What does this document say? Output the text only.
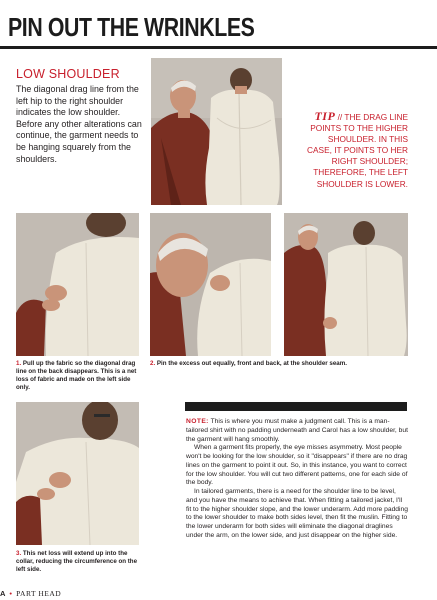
PIN OUT THE WRINKLES
LOW SHOULDER
The diagonal drag line from the left hip to the right shoulder indicates the low shoulder. Before any other alterations can continue, the garment needs to be hanging squarely from the shoulders.
TIP // THE DRAG LINE POINTS TO THE HIGHER SHOULDER. IN THIS CASE, IT POINTS TO HER RIGHT SHOULDER; THEREFORE, THE LEFT SHOULDER IS LOWER.
1. Pull up the fabric so the diagonal drag line on the back disappears. This is a net loss of fabric and made on the left side only.
2. Pin the excess out equally, front and back, at the shoulder seam.
3. This net loss will extend up into the collar, reducing the circumference on the left side.

NOTE: This is where you must make a judgment call. This is a man-tailored shirt with no padding underneath and Carol has a low shoulder, but the garment will hang smoothly.

When a garment fits properly, the eye misses asymmetry. Most people won't be looking for the low shoulder, so it "disappears" if there are no drag lines on the garment to point it out. So, in this instance, you want to correct for the low shoulder. You will cut two different patterns, one for each side of the body.

In tailored garments, there is a need for the shoulder line to be level, and you have the means to achieve that. When fitting a tailored jacket, I'll fit to the higher shoulder slope, and the lower underarm. Add more padding to the lower shoulder to make both sides level, then fit the muslin. Fitting to the lower underarm for both sides will eliminate the diagonal draglines under the arm, on the lower side, and just disappear on the higher side.

A • PART HEAD
